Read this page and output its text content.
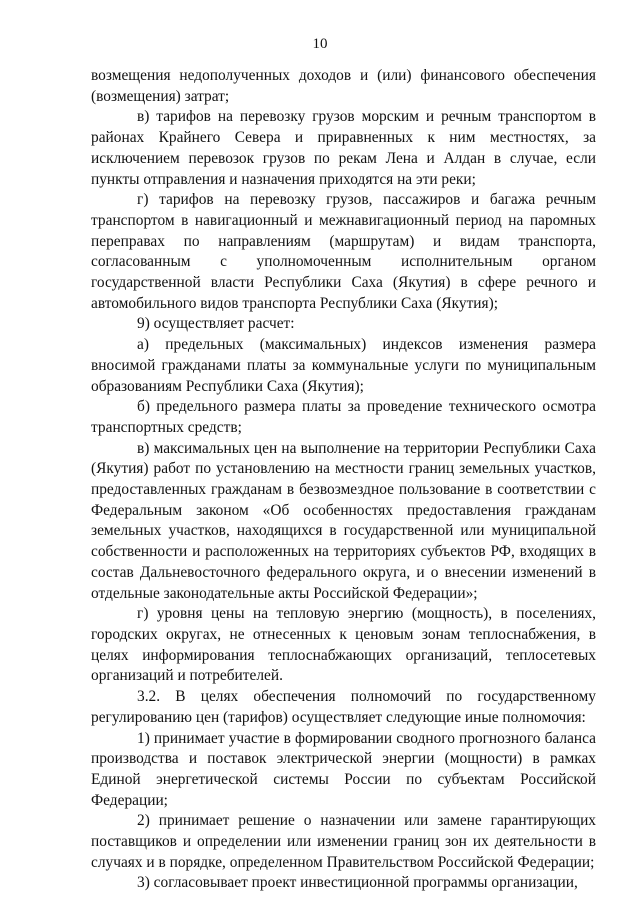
10

возмещения недополученных доходов и (или) финансового обеспечения (возмещения) затрат;

в) тарифов на перевозку грузов морским и речным транспортом в районах Крайнего Севера и приравненных к ним местностях, за исключением перевозок грузов по рекам Лена и Алдан в случае, если пункты отправления и назначения приходятся на эти реки;

г) тарифов на перевозку грузов, пассажиров и багажа речным транспортом в навигационный и межнавигационный период на паромных переправах по направлениям (маршрутам) и видам транспорта, согласованным с уполномоченным исполнительным органом государственной власти Республики Саха (Якутия) в сфере речного и автомобильного видов транспорта Республики Саха (Якутия);

9) осуществляет расчет:

а) предельных (максимальных) индексов изменения размера вносимой гражданами платы за коммунальные услуги по муниципальным образованиям Республики Саха (Якутия);

б) предельного размера платы за проведение технического осмотра транспортных средств;

в) максимальных цен на выполнение на территории Республики Саха (Якутия) работ по установлению на местности границ земельных участков, предоставленных гражданам в безвозмездное пользование в соответствии с Федеральным законом «Об особенностях предоставления гражданам земельных участков, находящихся в государственной или муниципальной собственности и расположенных на территориях субъектов РФ, входящих в состав Дальневосточного федерального округа, и о внесении изменений в отдельные законодательные акты Российской Федерации»;

г) уровня цены на тепловую энергию (мощность), в поселениях, городских округах, не отнесенных к ценовым зонам теплоснабжения, в целях информирования теплоснабжающих организаций, теплосетевых организаций и потребителей.

3.2. В целях обеспечения полномочий по государственному регулированию цен (тарифов) осуществляет следующие иные полномочия:

1) принимает участие в формировании сводного прогнозного баланса производства и поставок электрической энергии (мощности) в рамках Единой энергетической системы России по субъектам Российской Федерации;

2) принимает решение о назначении или замене гарантирующих поставщиков и определении или изменении границ зон их деятельности в случаях и в порядке, определенном Правительством Российской Федерации;

3) согласовывает проект инвестиционной программы организации,
